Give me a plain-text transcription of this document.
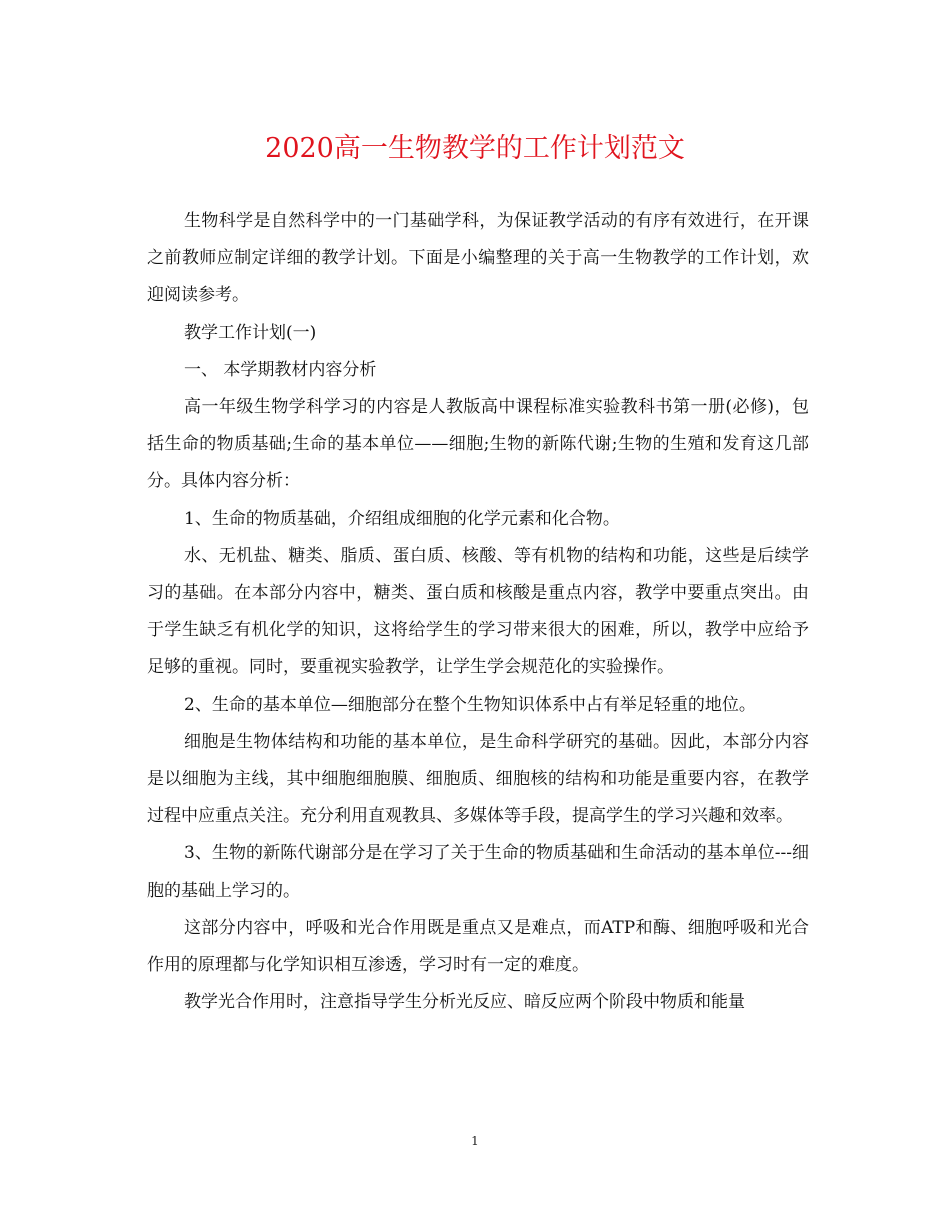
2020高一生物教学的工作计划范文

生物科学是自然科学中的一门基础学科，为保证教学活动的有序有效进行，在开课之前教师应制定详细的教学计划。下面是小编整理的关于高一生物教学的工作计划，欢迎阅读参考。

教学工作计划(一)

一、 本学期教材内容分析

高一年级生物学科学习的内容是人教版高中课程标准实验教科书第一册(必修)，包括生命的物质基础;生命的基本单位——细胞;生物的新陈代谢;生物的生殖和发育这几部分。具体内容分析：

1、生命的物质基础，介绍组成细胞的化学元素和化合物。

水、无机盐、糖类、脂质、蛋白质、核酸、等有机物的结构和功能，这些是后续学习的基础。在本部分内容中，糖类、蛋白质和核酸是重点内容，教学中要重点突出。由于学生缺乏有机化学的知识，这将给学生的学习带来很大的困难，所以，教学中应给予足够的重视。同时，要重视实验教学，让学生学会规范化的实验操作。

2、生命的基本单位—细胞部分在整个生物知识体系中占有举足轻重的地位。

细胞是生物体结构和功能的基本单位，是生命科学研究的基础。因此，本部分内容是以细胞为主线，其中细胞细胞膜、细胞质、细胞核的结构和功能是重要内容，在教学过程中应重点关注。充分利用直观教具、多媒体等手段，提高学生的学习兴趣和效率。

3、生物的新陈代谢部分是在学习了关于生命的物质基础和生命活动的基本单位---细胞的基础上学习的。

这部分内容中，呼吸和光合作用既是重点又是难点，而ATP和酶、细胞呼吸和光合作用的原理都与化学知识相互渗透，学习时有一定的难度。

教学光合作用时，注意指导学生分析光反应、暗反应两个阶段中物质和能量

1
